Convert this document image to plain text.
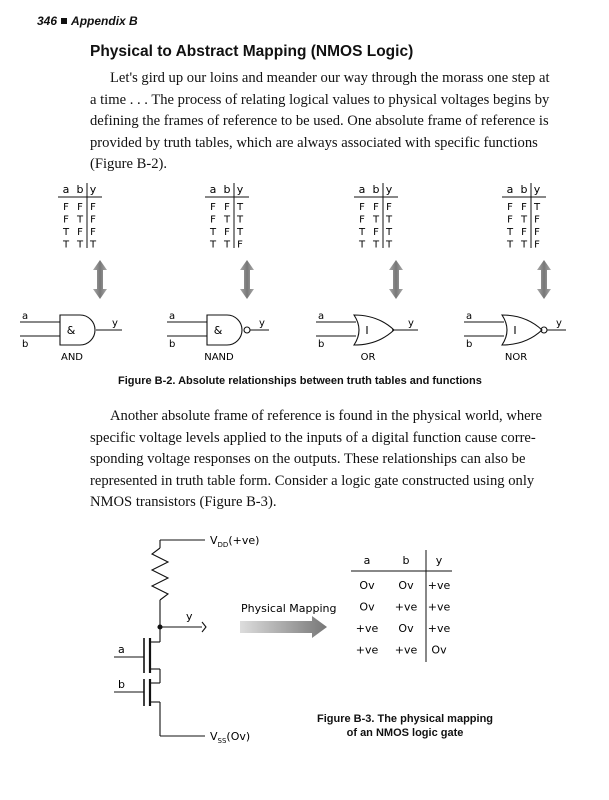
346 Appendix B
Physical to Abstract Mapping (NMOS Logic)
Let's gird up our loins and meander our way through the morass one step at
a time . . . The process of relating logical values to physical voltages begins by
defining the frames of reference to be used. One absolute frame of reference is
provided by truth tables, which are always associated with specific functions
(Figure B-2).
a b y
F F F
F T F
T F F
T T T
&
a
b
y
AND
a b y
F F T
F T T
T F T
T T F
&
a
b
y
NAND
a b y
F F F
F T T
T F T
T T T
I
a
b
y
OR
a b y
F F T
F T F
T F F
T T F
I
a
b
y
NOR
Figure B-2. Absolute relationships between truth tables and functions
Another absolute frame of reference is found in the physical world, where
specific voltage levels applied to the inputs of a digital function cause corre-
sponding voltage responses on the outputs. These relationships can also be
represented in truth table form. Consider a logic gate constructed using only
NMOS transistors (Figure B-3).
$V_{DD}(+ve)$
$V_{SS}(Ov)$
y
a
b
Physical Mapping
a	b y
Ov Ov +ve
Ov +ve +ve
+ve Ov +ve
+ve +ve Ov
Figure B-3. The physical mapping
of an NMOS logic gate
